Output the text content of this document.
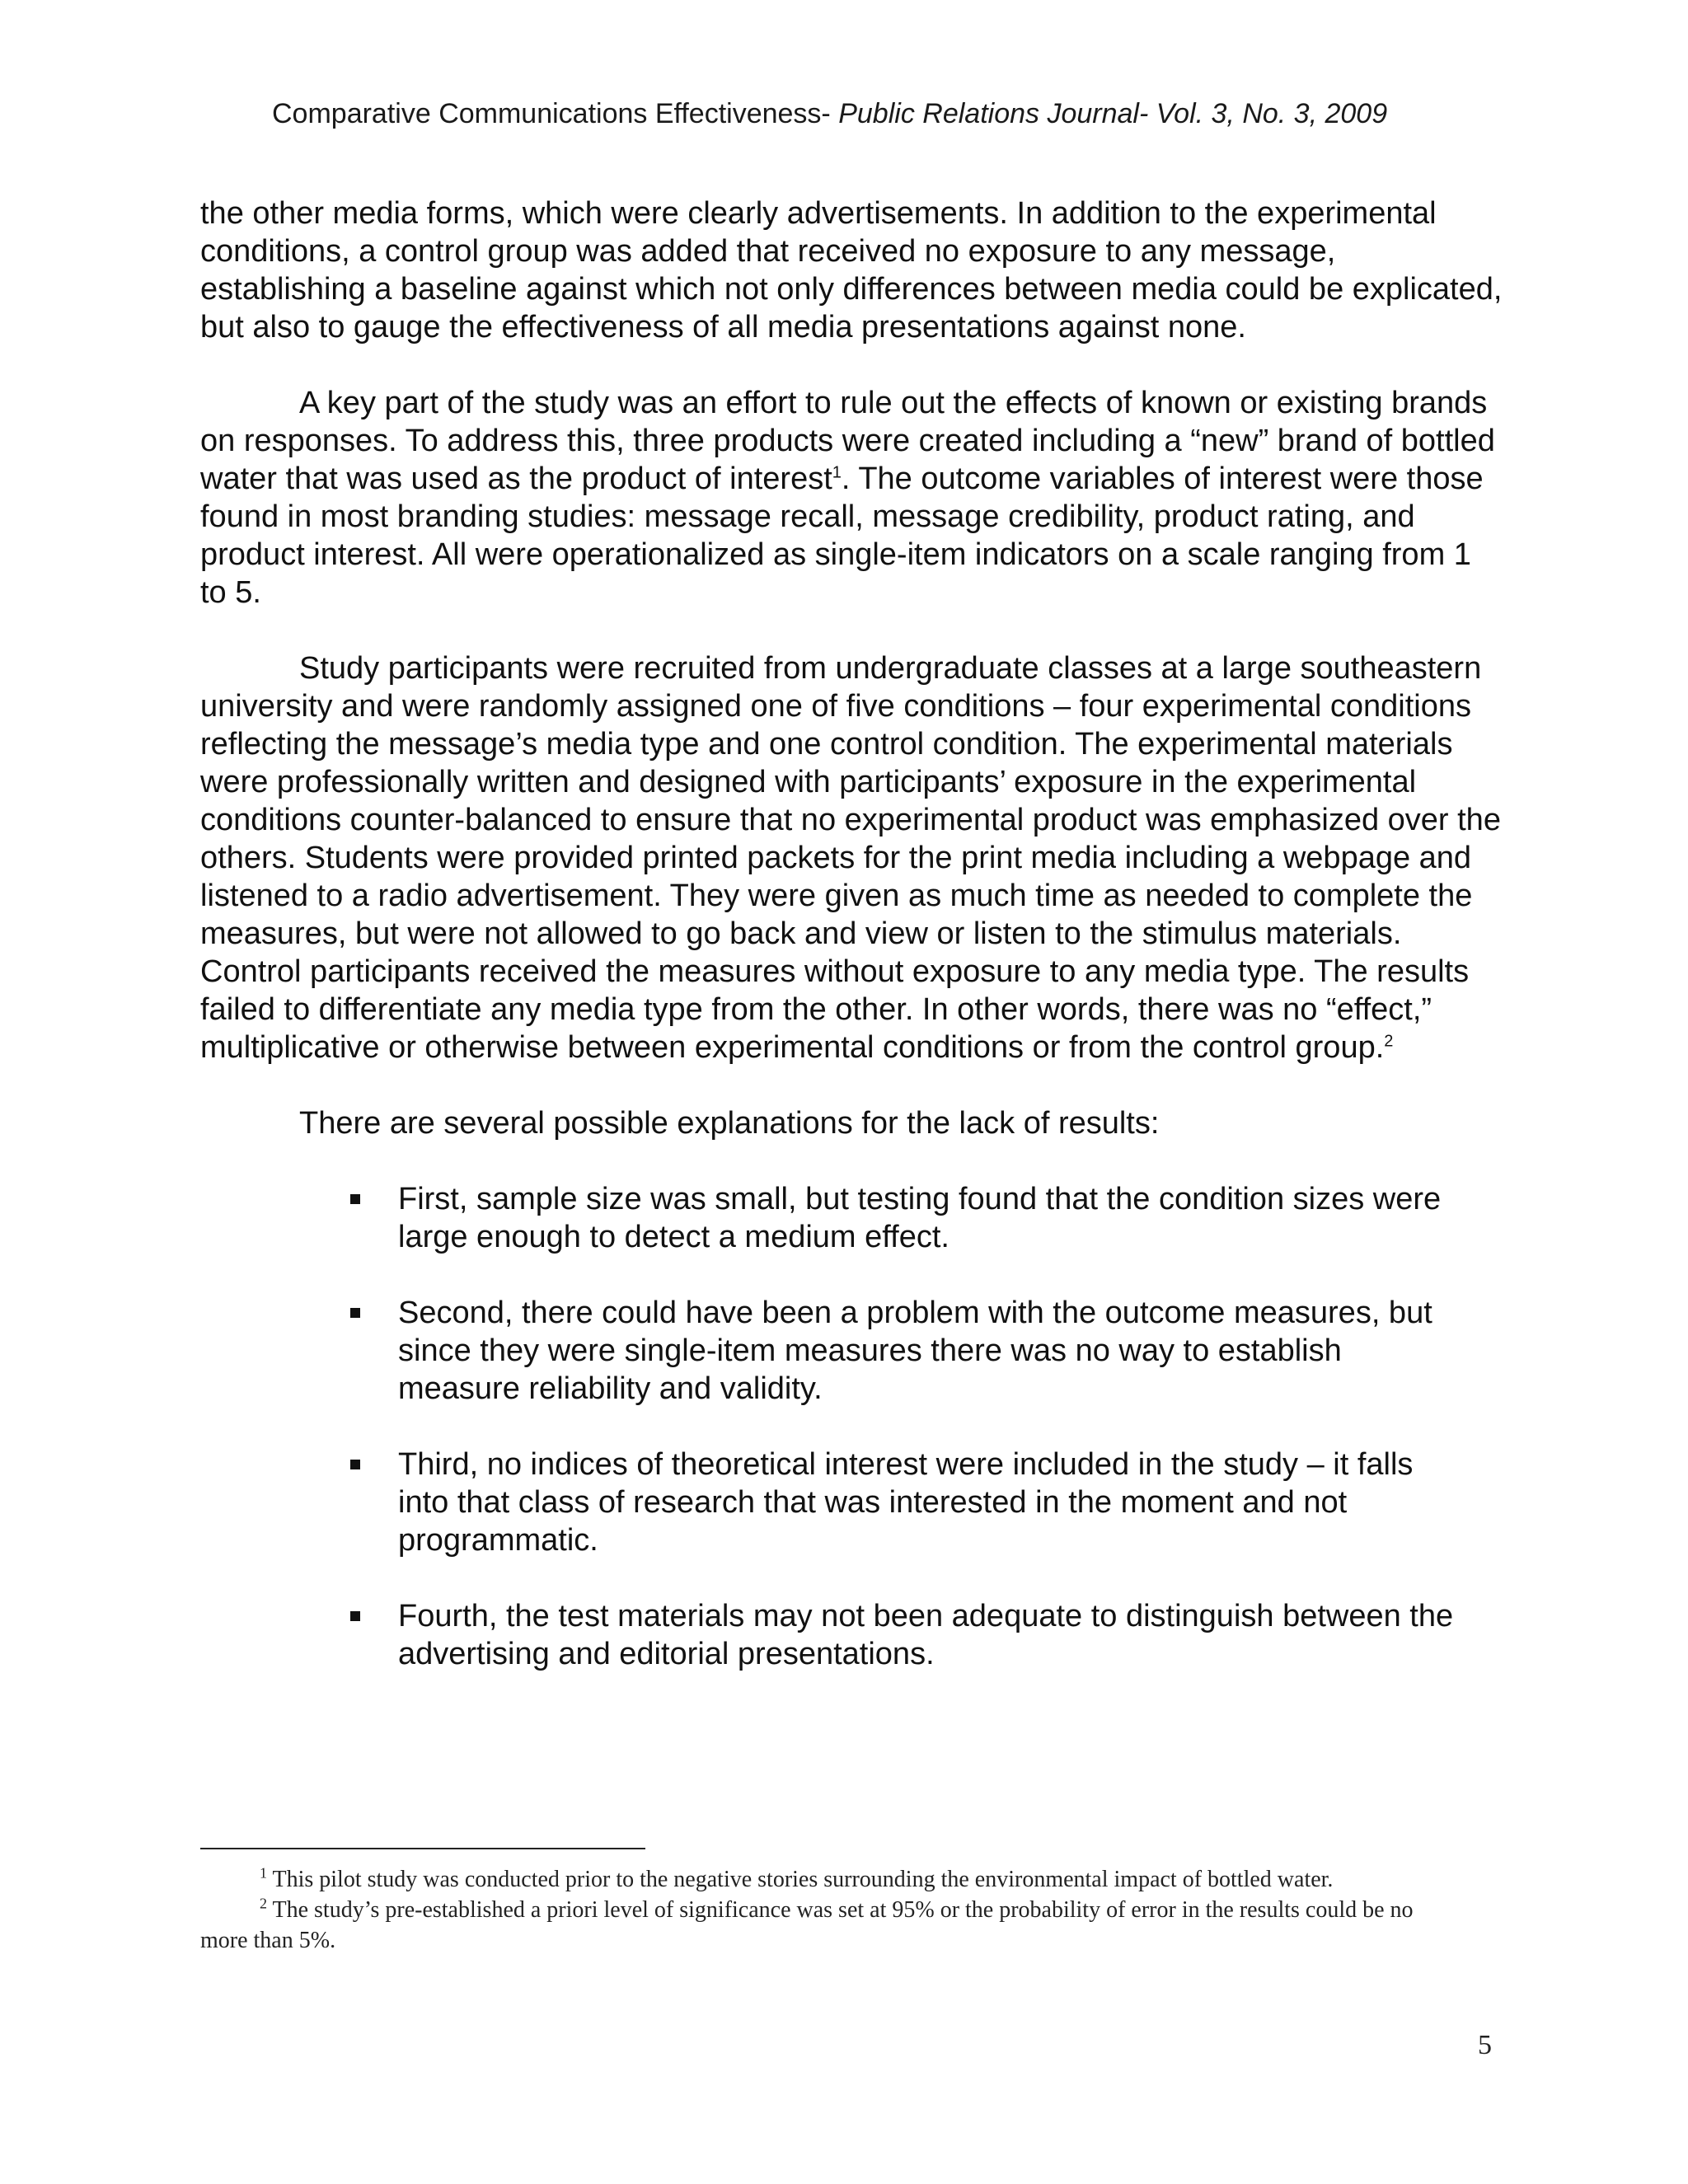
Comparative Communications Effectiveness- Public Relations Journal- Vol. 3, No. 3, 2009

the other media forms, which were clearly advertisements. In addition to the experimental conditions, a control group was added that received no exposure to any message, establishing a baseline against which not only differences between media could be explicated, but also to gauge the effectiveness of all media presentations against none.

A key part of the study was an effort to rule out the effects of known or existing brands on responses. To address this, three products were created including a “new” brand of bottled water that was used as the product of interest$^1$. The outcome variables of interest were those found in most branding studies: message recall, message credibility, product rating, and product interest. All were operationalized as single-item indicators on a scale ranging from 1 to 5.

Study participants were recruited from undergraduate classes at a large southeastern university and were randomly assigned one of five conditions – four experimental conditions reflecting the message’s media type and one control condition. The experimental materials were professionally written and designed with participants’ exposure in the experimental conditions counter-balanced to ensure that no experimental product was emphasized over the others. Students were provided printed packets for the print media including a webpage and listened to a radio advertisement. They were given as much time as needed to complete the measures, but were not allowed to go back and view or listen to the stimulus materials. Control participants received the measures without exposure to any media type. The results failed to differentiate any media type from the other. In other words, there was no “effect,” multiplicative or otherwise between experimental conditions or from the control group.$^2$

There are several possible explanations for the lack of results:

First, sample size was small, but testing found that the condition sizes were large enough to detect a medium effect.
Second, there could have been a problem with the outcome measures, but since they were single-item measures there was no way to establish measure reliability and validity.
Third, no indices of theoretical interest were included in the study – it falls into that class of research that was interested in the moment and not programmatic.
Fourth, the test materials may not been adequate to distinguish between the advertising and editorial presentations.

$^1$ This pilot study was conducted prior to the negative stories surrounding the environmental impact of bottled water.

$^2$ The study’s pre-established a priori level of significance was set at 95% or the probability of error in the results could be no more than 5%.

5
